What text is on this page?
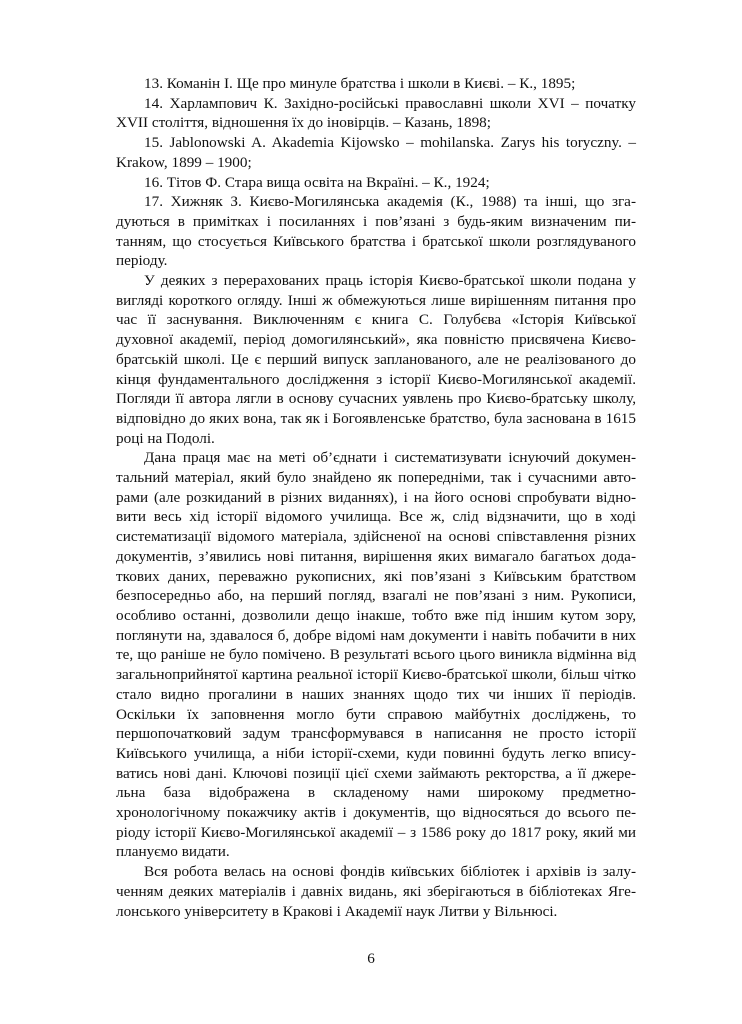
13. Команін І. Ще про минуле братства і школи в Києві. – К., 1895;

14. Харлампович К. Західно-російські православні школи XVI – початку XVII століття, відношення їх до іновірців. – Казань, 1898;

15. Jablonowski A. Akademia Kijowsko – mohilanska. Zarys his torуczny. – Krakow, 1899 – 1900;

16. Тітов Ф. Стара вища освіта на Вкраїні. – К., 1924;

17. Хижняк З. Києво-Могилянська академія (К., 1988) та інші, що згадуються в примітках і посиланнях і пов’язані з будь-яким визначеним питанням, що стосується Київського братства і братської школи розглядуваного періоду.

У деяких з перерахованих праць історія Києво-братської школи подана у вигляді короткого огляду. Інші ж обмежуються лише вирішенням питання про час її заснування. Виключенням є книга С. Голубєва «Історія Київської духовної академії, період домогилянський», яка повністю присвячена Києво-братській школі. Це є перший випуск запланованого, але не реалізованого до кінця фундаментального дослідження з історії Києво-Могилянської академії. Погляди її автора лягли в основу сучасних уявлень про Києво-братську школу, відповідно до яких вона, так як і Богоявленське братство, була заснована в 1615 році на Подолі.

Дана праця має на меті об’єднати і систематизувати існуючий документальний матеріал, який було знайдено як попередніми, так і сучасними авторами (але розкиданий в різних виданнях), і на його основі спробувати відновити весь хід історії відомого училища. Все ж, слід відзначити, що в ході систематизації відомого матеріала, здійсненої на основі співставлення різних документів, з’явились нові питання, вирішення яких вимагало багатьох додаткових даних, переважно рукописних, які пов’язані з Київським братством безпосередньо або, на перший погляд, взагалі не пов’язані з ним. Рукописи, особливо останні, дозволили дещо інакше, тобто вже під іншим кутом зору, поглянути на, здавалося б, добре відомі нам документи і навіть побачити в них те, що раніше не було помічено. В результаті всього цього виникла відмінна від загальноприйнятої картина реальної історії Києво-братської школи, більш чітко стало видно прогалини в наших знаннях щодо тих чи інших її періодів. Оскільки їх заповнення могло бути справою майбутніх досліджень, то першопочатковий задум трансформувався в написання не просто історії Київського училища, а ніби історії-схеми, куди повинні будуть легко вписуватись нові дані. Ключові позиції цієї схеми займають ректорства, а її джерельна база відображена в складеному нами широкому предметно-хронологічному покажчику актів і документів, що відносяться до всього періоду історії Києво-Могилянської академії – з 1586 року до 1817 року, який ми плануємо видати.

Вся робота велась на основі фондів київських бібліотек і архівів із залученням деяких матеріалів і давніх видань, які зберігаються в бібліотеках Ягелонського університету в Кракові і Академії наук Литви у Вільнюсі.

6
